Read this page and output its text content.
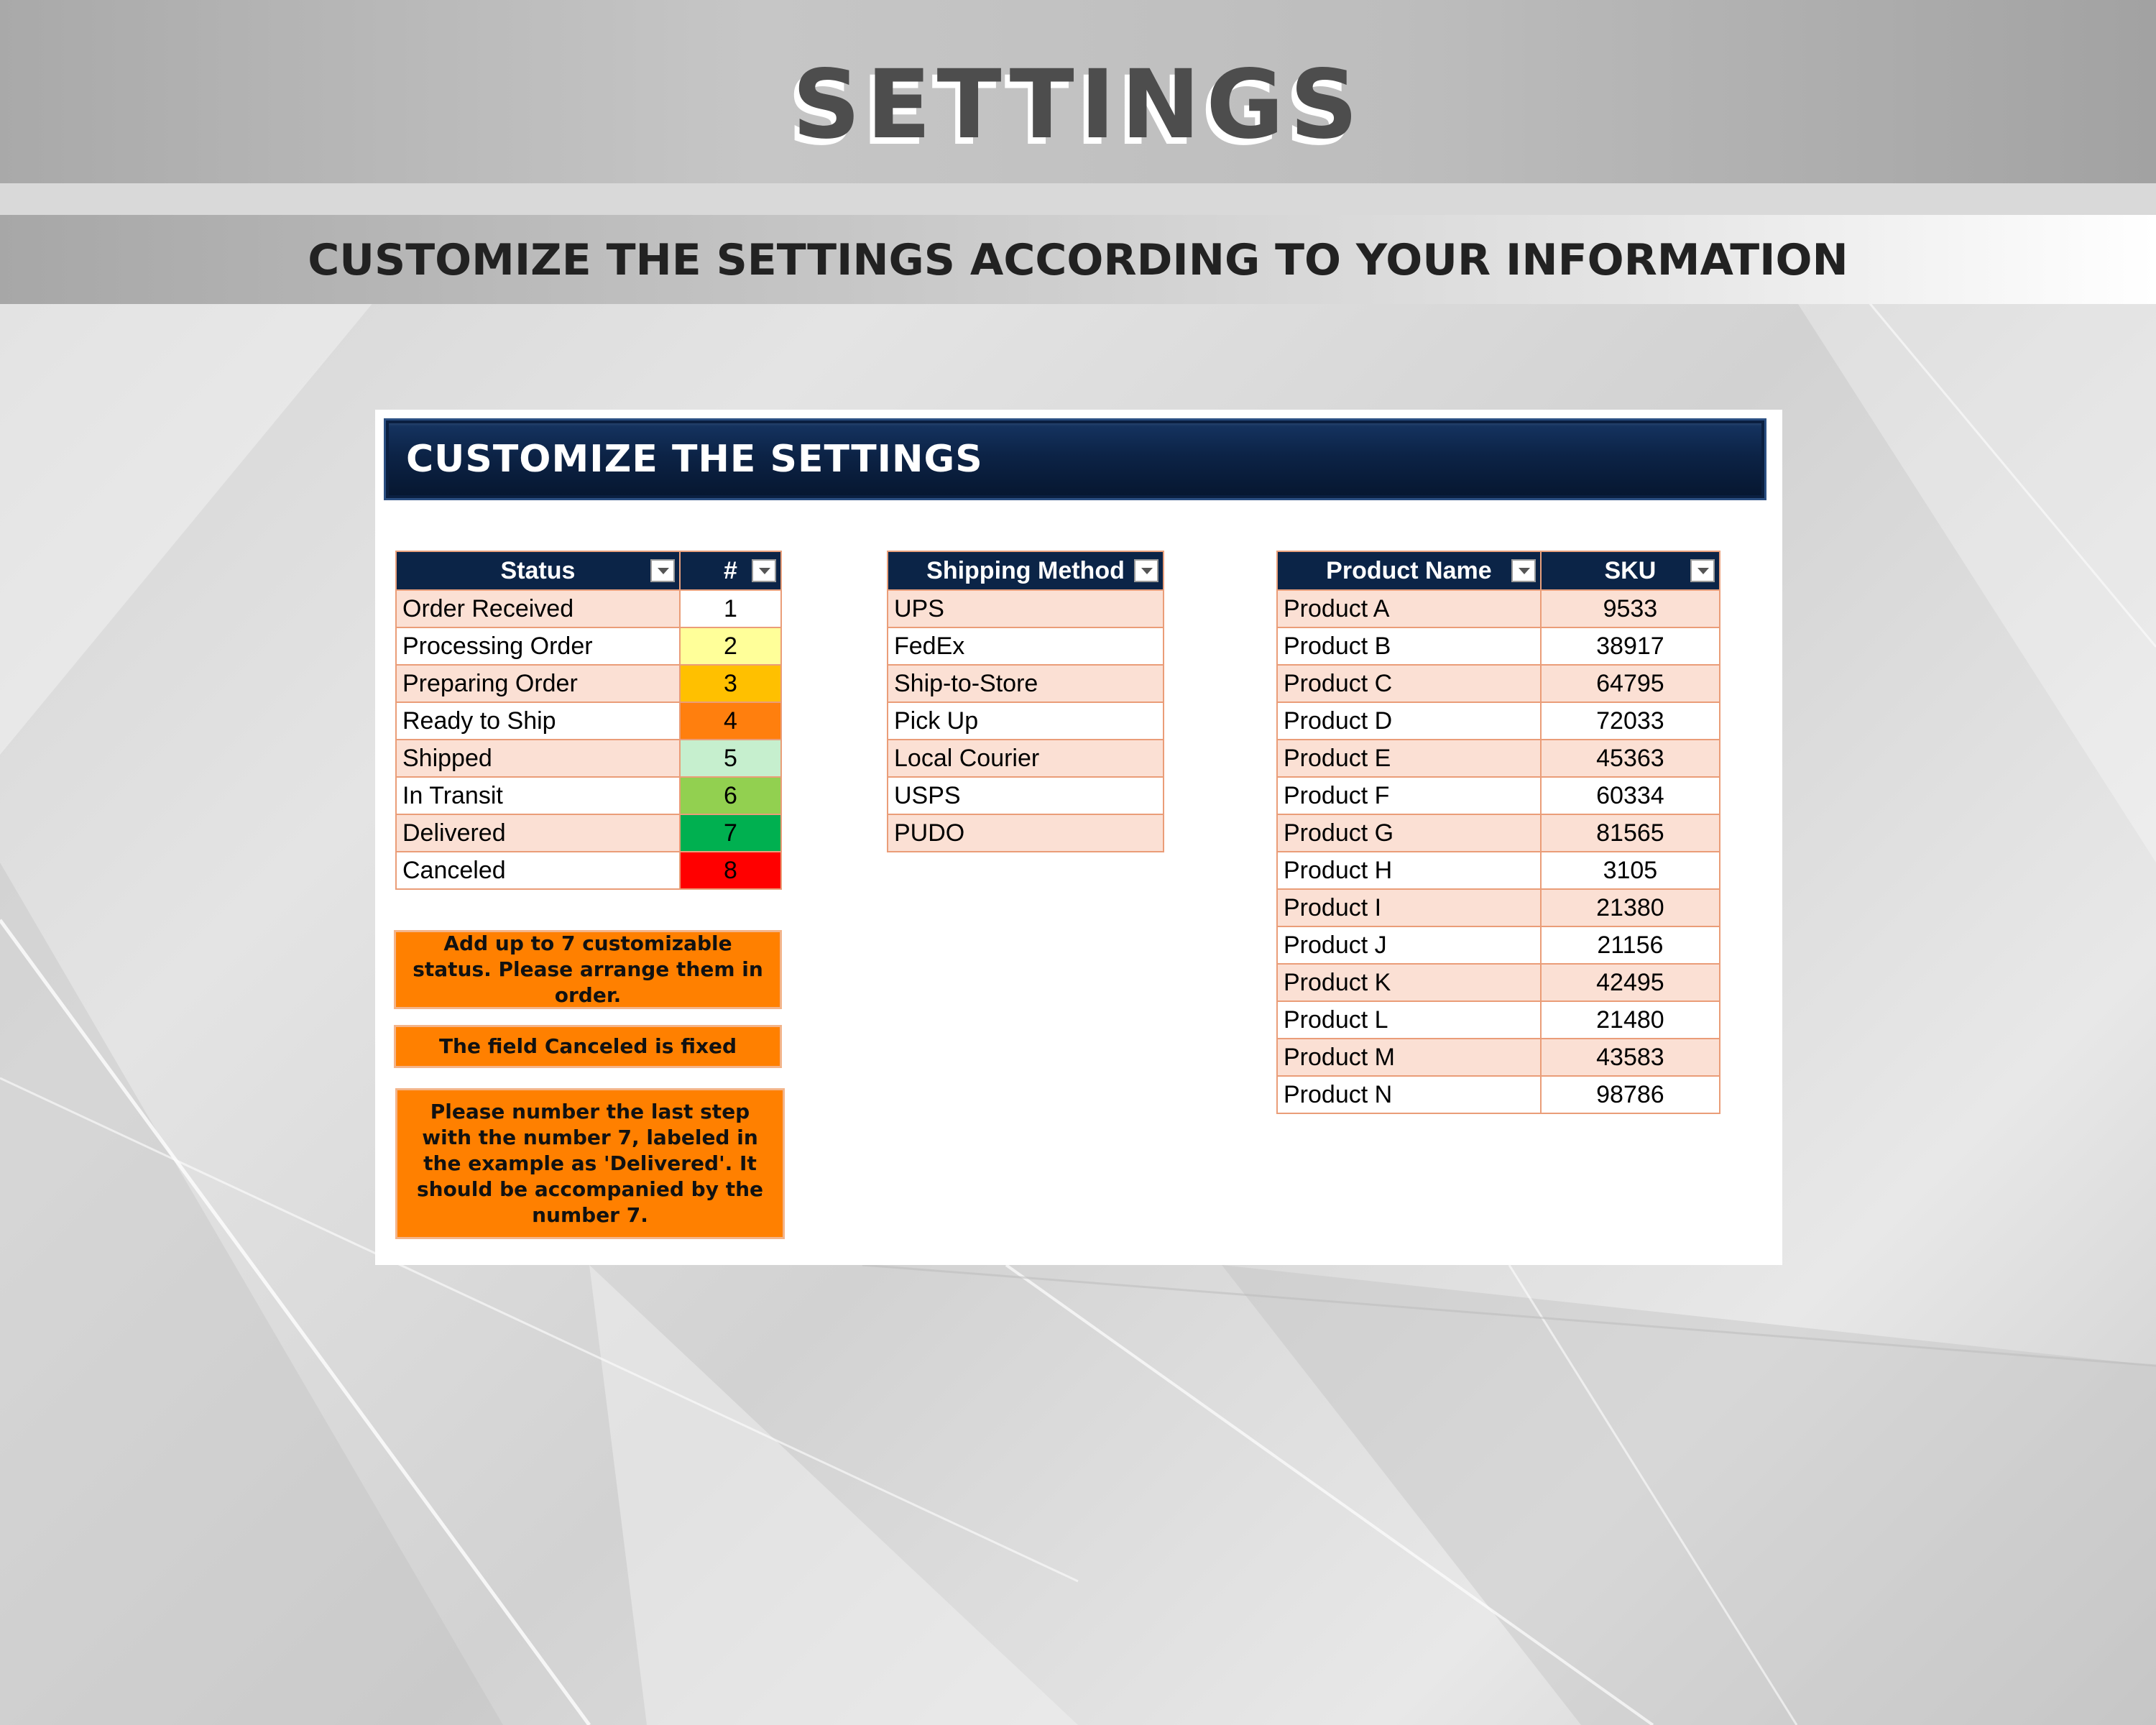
SETTINGS
CUSTOMIZE THE SETTINGS ACCORDING TO YOUR INFORMATION
CUSTOMIZE THE SETTINGS
Status	#

Order Received	1
Processing Order	2
Preparing Order	3
Ready to Ship	4
Shipped	5
In Transit	6
Delivered	7
Canceled	8
Add up to 7 customizable status. Please arrange them in order.
The field Canceled is fixed
Please number the last step with the number 7, labeled in the example as 'Delivered'. It should be accompanied by the number 7.
Shipping Method

UPS
FedEx
Ship-to-Store
Pick Up
Local Courier
USPS
PUDO
Product Name	SKU

Product A	9533
Product B	38917
Product C	64795
Product D	72033
Product E	45363
Product F	60334
Product G	81565
Product H	3105
Product I	21380
Product J	21156
Product K	42495
Product L	21480
Product M	43583
Product N	98786
